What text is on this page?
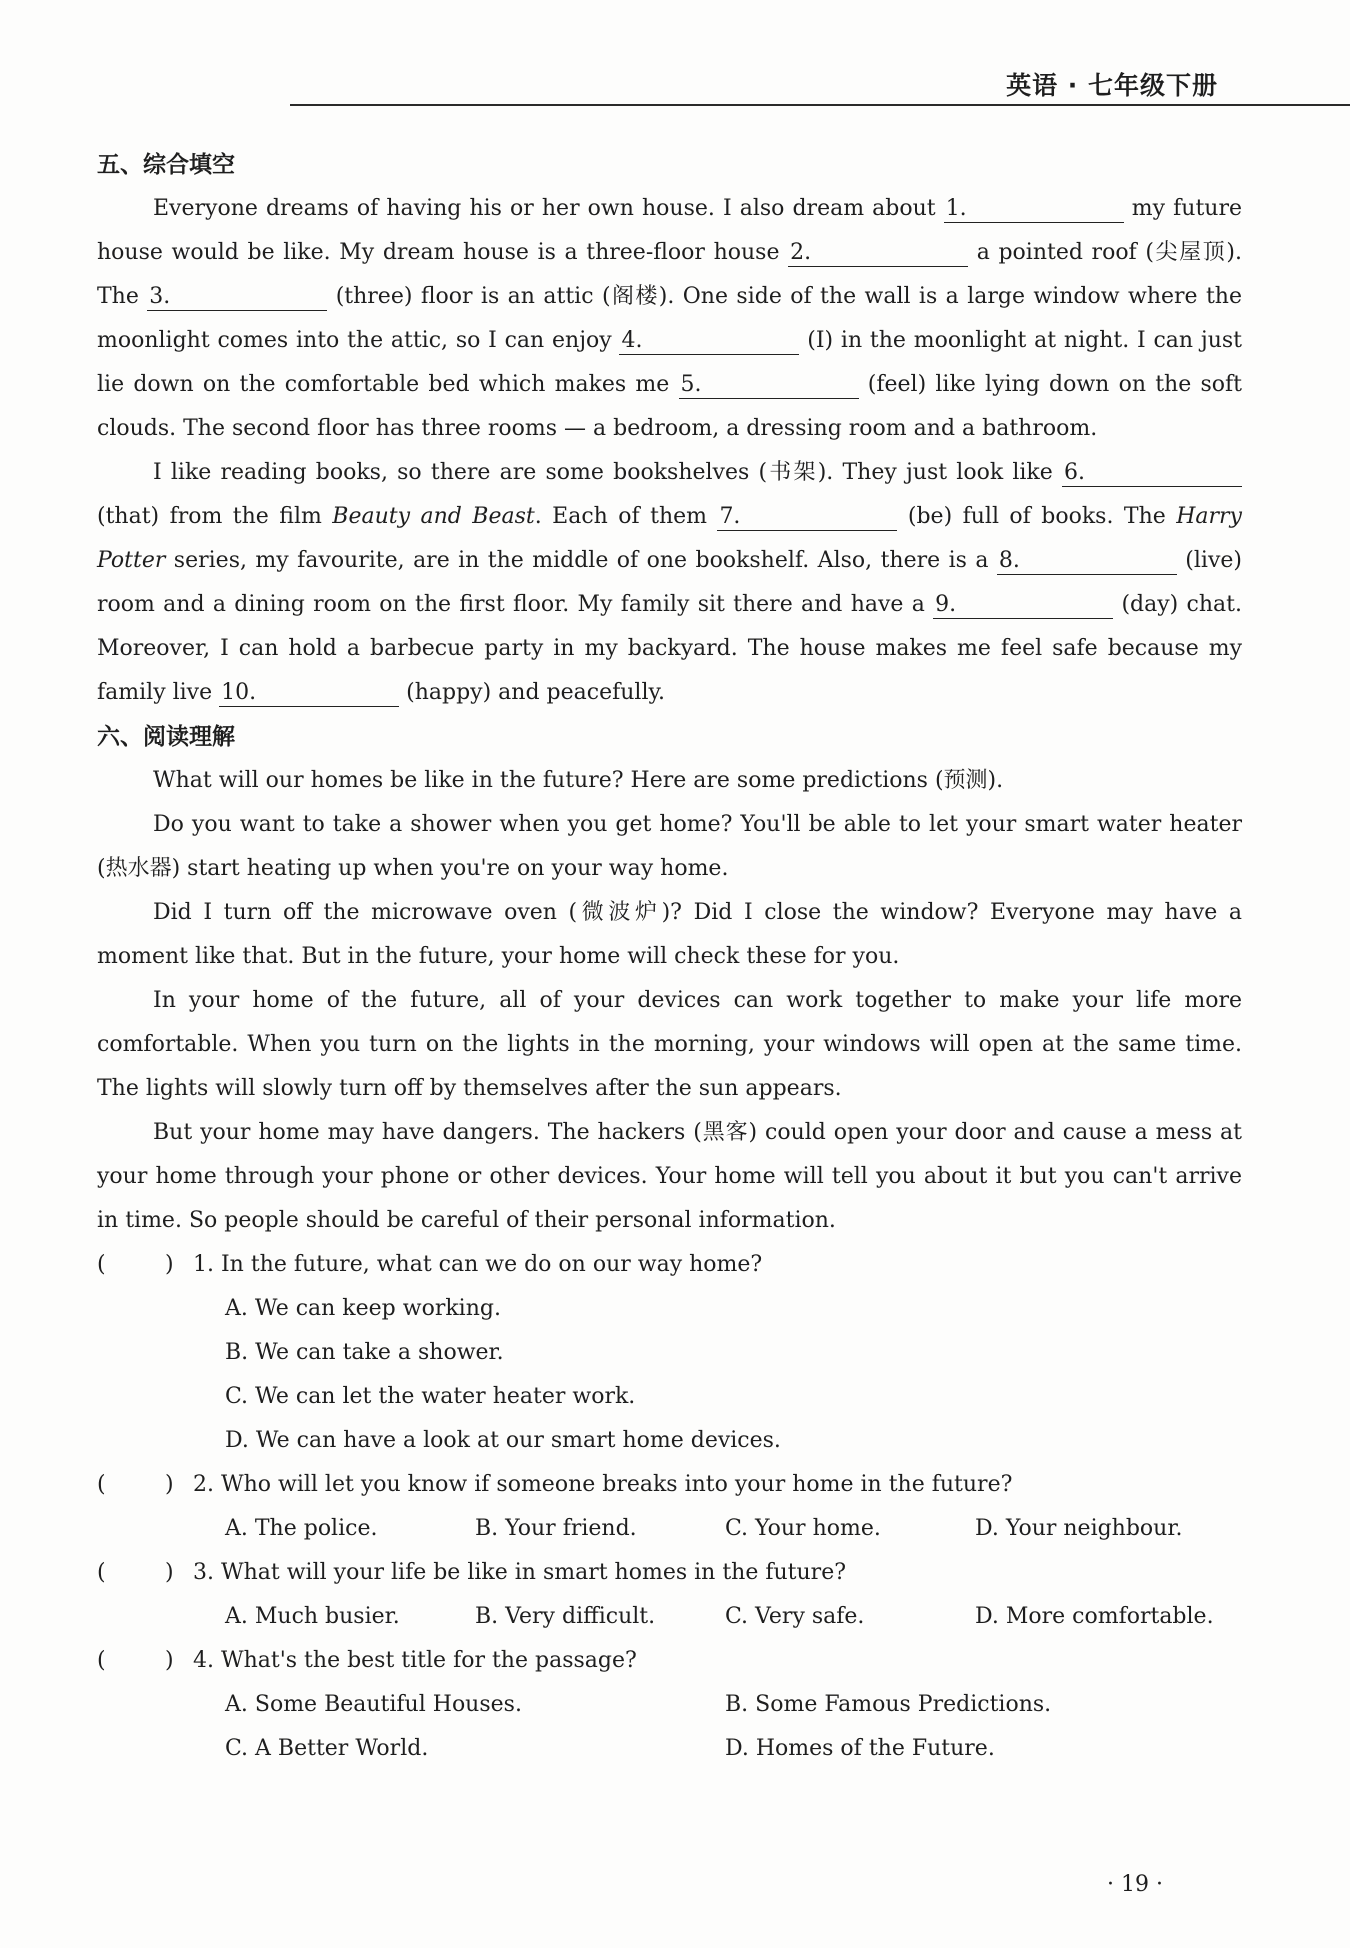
英语 · 七年级下册
五、综合填空

Everyone dreams of having his or her own house. I also dream about 1.	my future house would be like. My dream house is a three-floor house 2.	a pointed roof (尖屋顶). The 3.	(three) floor is an attic (阁楼). One side of the wall is a large window where the moonlight comes into the attic, so I can enjoy 4.	(I) in the moonlight at night. I can just lie down on the comfortable bed which makes me 5.	(feel) like lying down on the soft clouds. The second floor has three rooms — a bedroom, a dressing room and a bathroom.

I like reading books, so there are some bookshelves (书架). They just look like 6. (that) from the film Beauty and Beast. Each of them 7.	(be) full of books. The Harry Potter series, my favourite, are in the middle of one bookshelf. Also, there is a 8.	(live) room and a dining room on the first floor. My family sit there and have a 9.	(day) chat. Moreover, I can hold a barbecue party in my backyard. The house makes me feel safe because my family live 10.	(happy) and peacefully.

六、阅读理解

What will our homes be like in the future? Here are some predictions (预测).

Do you want to take a shower when you get home? You'll be able to let your smart water heater (热水器) start heating up when you're on your way home.

Did I turn off the microwave oven (微波炉)? Did I close the window? Everyone may have a moment like that. But in the future, your home will check these for you.

In your home of the future, all of your devices can work together to make your life more comfortable. When you turn on the lights in the morning, your windows will open at the same time. The lights will slowly turn off by themselves after the sun appears.

But your home may have dangers. The hackers (黑客) could open your door and cause a mess at your home through your phone or other devices. Your home will tell you about it but you can't arrive in time. So people should be careful of their personal information.

(	) 1. In the future, what can we do on our way home?
A. We can keep working.
B. We can take a shower.
C. We can let the water heater work.
D. We can have a look at our smart home devices.
(	) 2. Who will let you know if someone breaks into your home in the future?
A. The police.	B. Your friend.	C. Your home.	D. Your neighbour.
(	) 3. What will your life be like in smart homes in the future?
A. Much busier.	B. Very difficult.	C. Very safe.	D. More comfortable.
(	) 4. What's the best title for the passage?
A. Some Beautiful Houses.	B. Some Famous Predictions.
C. A Better World.	D. Homes of the Future.
· 19 ·
